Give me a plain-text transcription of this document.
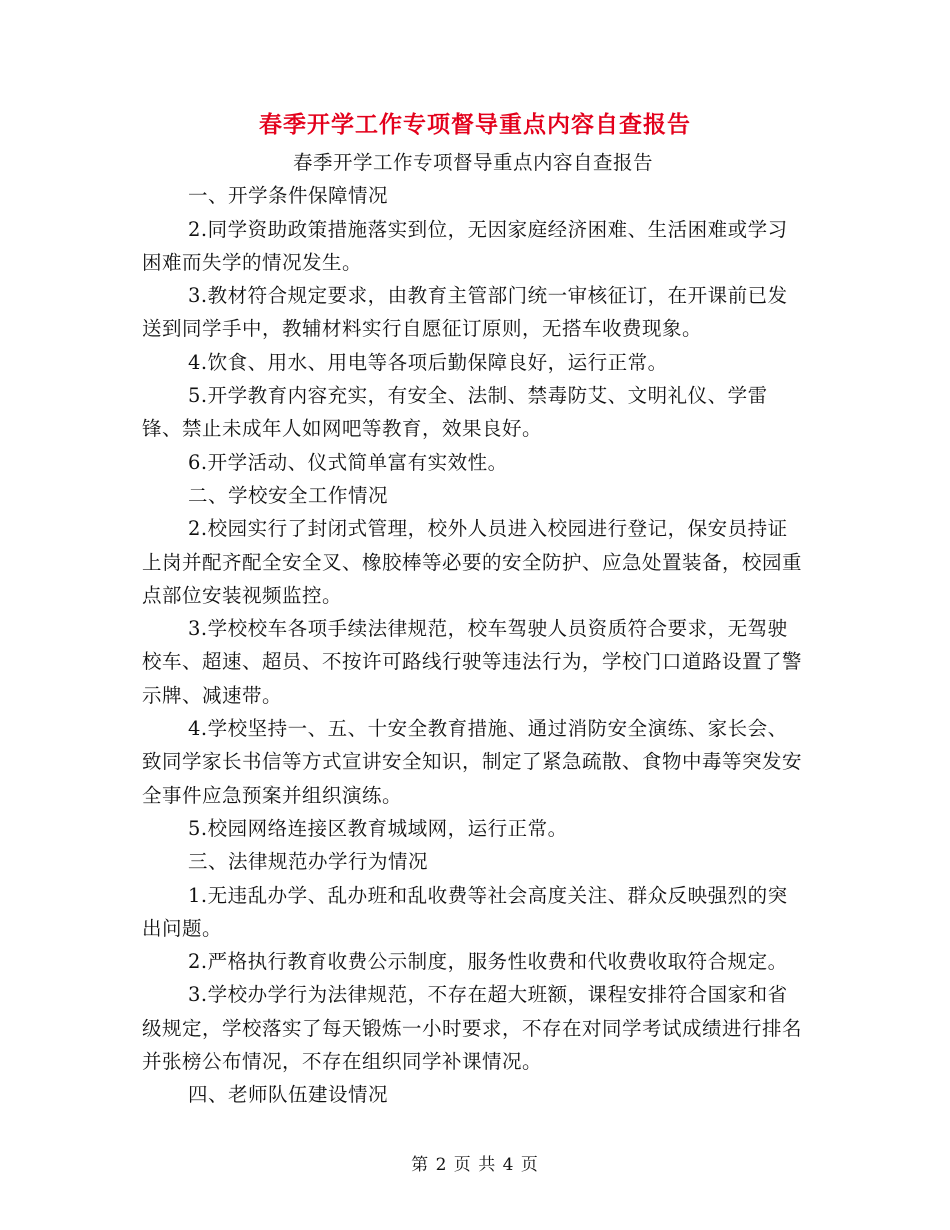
春季开学工作专项督导重点内容自查报告

春季开学工作专项督导重点内容自查报告

一、开学条件保障情况

2.同学资助政策措施落实到位，无因家庭经济困难、生活困难或学习困难而失学的情况发生。

3.教材符合规定要求，由教育主管部门统一审核征订，在开课前已发送到同学手中，教辅材料实行自愿征订原则，无搭车收费现象。

4.饮食、用水、用电等各项后勤保障良好，运行正常。

5.开学教育内容充实，有安全、法制、禁毒防艾、文明礼仪、学雷锋、禁止未成年人如网吧等教育，效果良好。

6.开学活动、仪式简单富有实效性。

二、学校安全工作情况

2.校园实行了封闭式管理，校外人员进入校园进行登记，保安员持证上岗并配齐配全安全叉、橡胶棒等必要的安全防护、应急处置装备，校园重点部位安装视频监控。

3.学校校车各项手续法律规范，校车驾驶人员资质符合要求，无驾驶校车、超速、超员、不按许可路线行驶等违法行为，学校门口道路设置了警示牌、减速带。

4.学校坚持一、五、十安全教育措施、通过消防安全演练、家长会、致同学家长书信等方式宣讲安全知识，制定了紧急疏散、食物中毒等突发安全事件应急预案并组织演练。

5.校园网络连接区教育城域网，运行正常。

三、法律规范办学行为情况

1.无违乱办学、乱办班和乱收费等社会高度关注、群众反映强烈的突出问题。

2.严格执行教育收费公示制度，服务性收费和代收费收取符合规定。

3.学校办学行为法律规范，不存在超大班额，课程安排符合国家和省级规定，学校落实了每天锻炼一小时要求，不存在对同学考试成绩进行排名并张榜公布情况，不存在组织同学补课情况。

四、老师队伍建设情况

第 2 页 共 4 页
